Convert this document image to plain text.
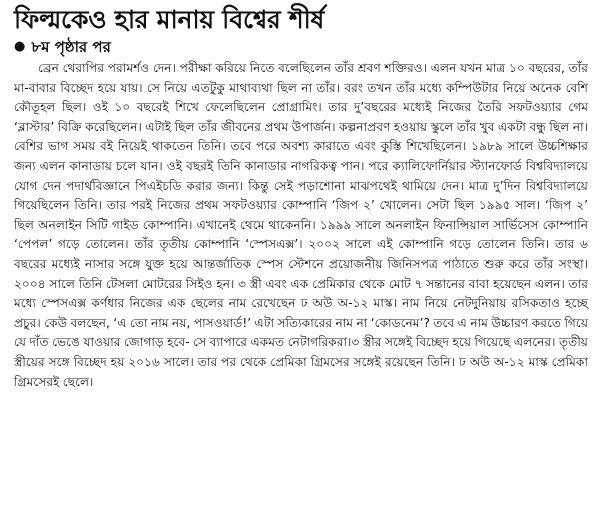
ফিল্মকেও হার মানায় বিশ্বের শীর্ষ
● ৮ম পৃষ্ঠার পর

ব্রেন থেরাপির পরামর্শও দেন। পরীক্ষা করিয়ে নিতে বলেছিলেন তাঁর শ্রবণ শক্তিরও। এলন যখন মাত্র ১০ বছরের, তাঁর মা-বাবার বিচ্ছেদ হয়ে যায়। সে নিয়ে এতটুকু মাথাব্যথা ছিল না তাঁর। বরং তখন তাঁর মধ্যে কম্পিউটার নিয়ে অনেক বেশি কৌতূহল ছিল। ওই ১০ বছরেই শিখে ফেলেছিলেন প্রোগ্রামিং। তার দু’বছরের মধ্যেই নিজের তৈরি সফটওয়্যার গেম ‘ব্লাস্টার’ বিক্রি করেছিলেন। এটাই ছিল তাঁর জীবনের প্রথম উপার্জন। কল্পনাপ্রবণ হওয়ায় স্কুলে তাঁর খুব একটা বন্ধু ছিল না। বেশির ভাগ সময় বই নিয়েই থাকতেন তিনি। তবে পরে অবশ্য কারাতে এবং কুস্তি শিখেছিলেন। ১৯৮৯ সালে উচ্চশিক্ষার জন্য এলন কানাডায় চলে যান। ওই বছরই তিনি কানাডার নাগরিকত্ব পান। পরে ক্যালিফোর্নিয়ার স্ট্যানফোর্ড বিশ্ববিদ্যালয়ে যোগ দেন পদার্থবিজ্ঞানে পিএইচডি করার জন্য। কিন্তু সেই পড়াশোনা মাঝপথেই থামিয়ে দেন। মাত্র দু’দিন বিশ্ববিদ্যালয়ে গিয়েছিলেন তিনি। তার পরই নিজের প্রথম সফটওয়্যার কোম্পানি ‘জিপ ২’ খোলেন। সেটা ছিল ১৯৯৫ সাল। ‘জিপ ২’ ছিল অনলাইন সিটি গাইড কোম্পানি। এখানেই থেমে থাকেননি। ১৯৯৯ সালে অনলাইন ফিনান্সিয়াল সার্ভিসেস কোম্পানি ‘পেপল’ গড়ে তোলেন। তাঁর তৃতীয় কোম্পানি ‘স্পেসএক্স’। ২০০২ সালে এই কোম্পানি গড়ে তোলেন তিনি। তার ৬ বছরের মধ্যেই নাসার সঙ্গে যুক্ত হয়ে আন্তর্জাতিক স্পেস স্টেশনে প্রয়োজনীয় জিনিসপত্র পাঠাতে শুরু করে তাঁর সংস্থা। ২০০৪ সালে তিনি টেসলা মোটরের সিইও হন। ৩ স্ত্রী এবং এক প্রেমিকার থেকে মোট ৭ সন্তানের বাবা হয়েছেন এলন। তার মধ্যে স্পেসএক্স কর্ণধার নিজের এক ছেলের নাম রেখেছেন ঢ অউ অ-১২ মাস্ক। নাম নিয়ে নেটদুনিয়ায় রসিকতাও হচ্ছে প্রচুর। কেউ বলছেন, ‘এ তো নাম নয়, পাসওয়ার্ড!’ এটা সত্যিকারের নাম না ‘কোডনেম’? তবে এ নাম উচ্চারণ করতে গিয়ে যে দাঁত ভেঙে যাওয়ার জোগাড় হবে- সে ব্যাপারে একমত নেটাগরিকরা।৩ স্ত্রীর সঙ্গেই বিচ্ছেদ হয়ে গিয়েছে এলনের। তৃতীয় স্ত্রীয়ের সঙ্গে বিচ্ছেদ হয় ২০১৬ সালে। তার পর থেকে প্রেমিকা গ্রিমসের সঙ্গেই রয়েছেন তিনি। ঢ অউ অ-১২ মাস্ক প্রেমিকা গ্রিমসেরই ছেলে।
